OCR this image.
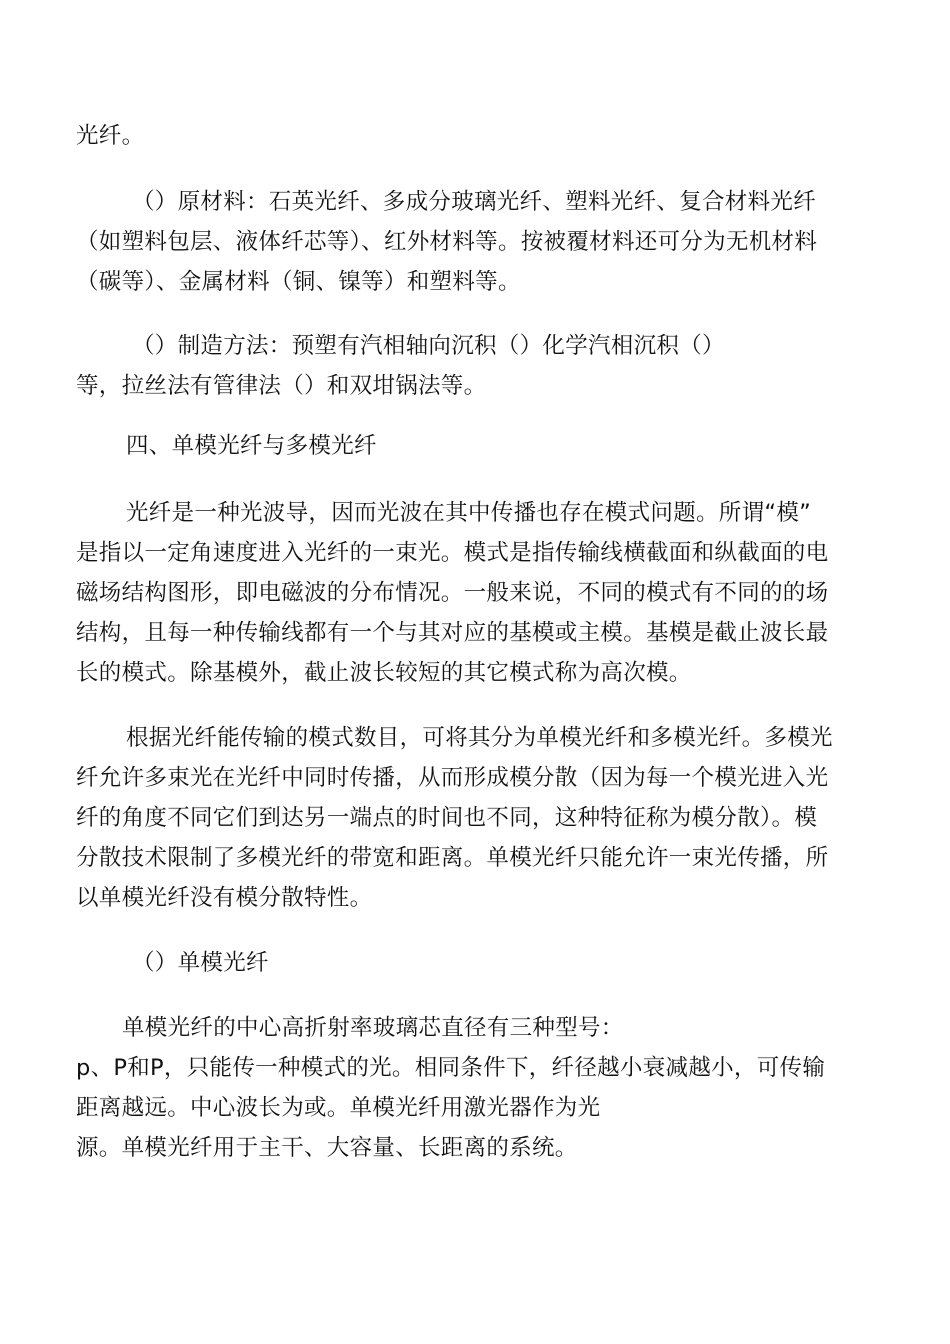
光纤。
（）原材料：石英光纤、多成分玻璃光纤、塑料光纤、复合材料光纤
（如塑料包层、液体纤芯等）、红外材料等。按被覆材料还可分为无机材料
（碳等）、金属材料（铜、镍等）和塑料等。
（）制造方法：预塑有汽相轴向沉积（）化学汽相沉积（）
等，拉丝法有管律法（）和双坩锅法等。
四、单模光纤与多模光纤
光纤是一种光波导，因而光波在其中传播也存在模式问题。所谓“模”
是指以一定角速度进入光纤的一束光。模式是指传输线横截面和纵截面的电
磁场结构图形，即电磁波的分布情况。一般来说，不同的模式有不同的的场
结构，且每一种传输线都有一个与其对应的基模或主模。基模是截止波长最
长的模式。除基模外，截止波长较短的其它模式称为高次模。
根据光纤能传输的模式数目，可将其分为单模光纤和多模光纤。多模光
纤允许多束光在光纤中同时传播，从而形成模分散（因为每一个模光进入光
纤的角度不同它们到达另一端点的时间也不同，这种特征称为模分散）。模
分散技术限制了多模光纤的带宽和距离。单模光纤只能允许一束光传播，所
以单模光纤没有模分散特性。
（）单模光纤
单模光纤的中心高折射率玻璃芯直径有三种型号：
p、P和P，只能传一种模式的光。相同条件下，纤径越小衰减越小，可传输
距离越远。中心波长为或。单模光纤用激光器作为光
源。单模光纤用于主干、大容量、长距离的系统。
